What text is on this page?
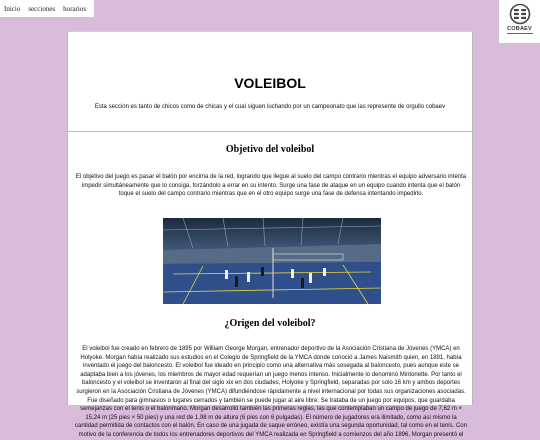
Inicio secciones horarios
COBAEV
VOLEIBOL
Esta seccion es tanto de chicos como de chicas y el cual siguen luchando por un campeonato que las represente de orgullo cobaev
Objetivo del voleibol
El objetivo del juego es pasar el balón por encima de la red, logrando que llegue al suelo del campo contrario mientras el equipo adversario intenta impedir simultáneamente que lo consiga, forzándolo a errar en su intento. Surge una fase de ataque en un equipo cuando intenta que el balón toque el suelo del campo contrario mientras que en el otro equipo surge una fase de defensa intentando impedirlo.
¿Origen del voleibol?
El voleibol fue creado en febrero de 1895 por William George Morgan, entrenador deportivo de la Asociación Cristiana de Jóvenes (YMCA) en Holyoke. Morgan había realizado sus estudios en el Colegio de Springfield de la YMCA donde conoció a James Naismith quien, en 1891, había inventado el juego del baloncesto. El voleibol fue ideado en principio como una alternativa más sosegada al baloncesto, pues aunque este se adaptaba bien a los jóvenes, los miembros de mayor edad requerían un juego menos intenso. Inicialmente lo denominó Mintonette. Por tanto el baloncesto y el voleibol se inventaron al final del siglo xix en dos ciudades, Holyoke y Springfield, separadas por solo 16 km y ambos deportes surgieron en la Asociación Cristiana de Jóvenes (YMCA) difundiéndose rápidamente a nivel internacional por todas sus organizaciones asociadas. Fue diseñado para gimnasios o lugares cerrados y también se puede jugar al aire libre. Se trataba de un juego por equipos, que guardaba semejanzas con el tenis o el balonmano. Morgan desarrolló también las primeras reglas, las que contemplaban un campo de juego de 7,62 m × 15,24 m (25 pies × 50 pies) y una red de 1,98 m de altura (6 pies con 6 pulgadas). El número de jugadores era ilimitado, como así mismo la cantidad permitida de contactos con el balón. En caso de una jugada de saque erróneo, existía una segunda oportunidad, tal como en el tenis. Con motivo de la conferencia de todos los entrenadores deportivos del YMCA realizada en Springfield a comienzos del año 1896, Morgan presentó el
